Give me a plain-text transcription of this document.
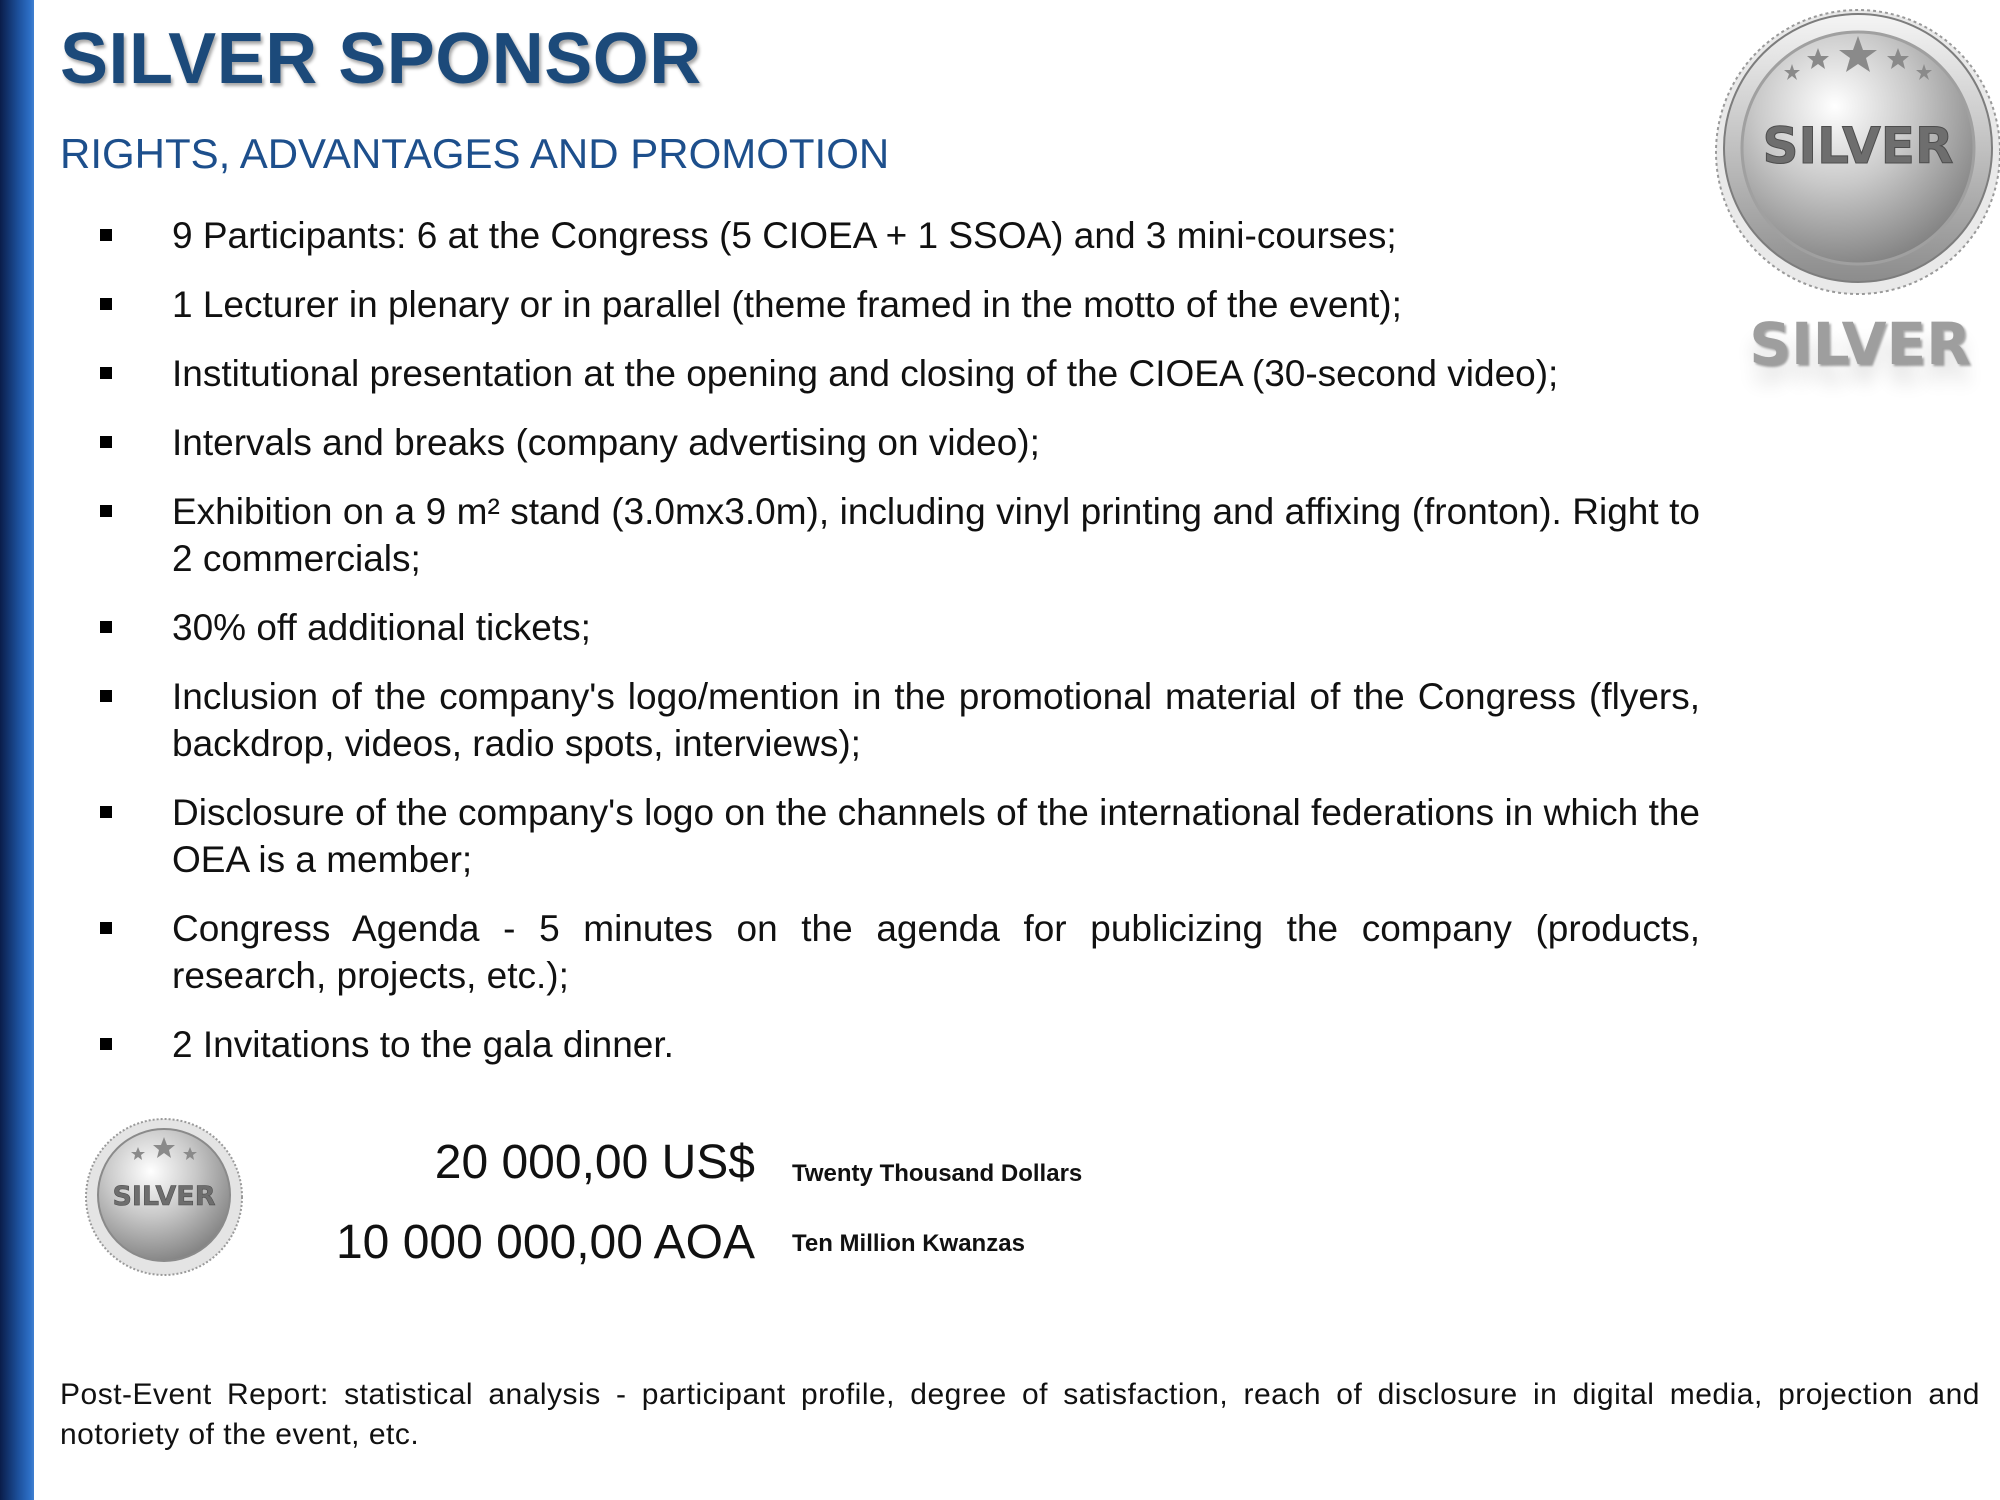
SILVER SPONSOR
RIGHTS, ADVANTAGES AND PROMOTION
9 Participants: 6 at the Congress (5 CIOEA + 1 SSOA) and 3 mini-courses;
1 Lecturer in plenary or in parallel (theme framed in the motto of the event);
Institutional presentation at the opening and closing of the CIOEA (30-second video);
Intervals and breaks (company advertising on video);
Exhibition on a 9 m² stand (3.0mx3.0m), including vinyl printing and affixing (fronton). Right to 2 commercials;
30% off additional tickets;
Inclusion of the company's logo/mention in the promotional material of the Congress (flyers, backdrop, videos, radio spots, interviews);
Disclosure of the company's logo on the channels of the international federations in which the OEA is a member;
Congress Agenda - 5 minutes on the agenda for publicizing the company (products, research, projects, etc.);
2 Invitations to the gala dinner.
SILVER
SILVER
SILVER
20 000,00 US$ Twenty Thousand Dollars
10 000 000,00 AOA Ten Million Kwanzas

Post-Event Report: statistical analysis - participant profile, degree of satisfaction, reach of disclosure in digital media, projection and notoriety of the event, etc.
